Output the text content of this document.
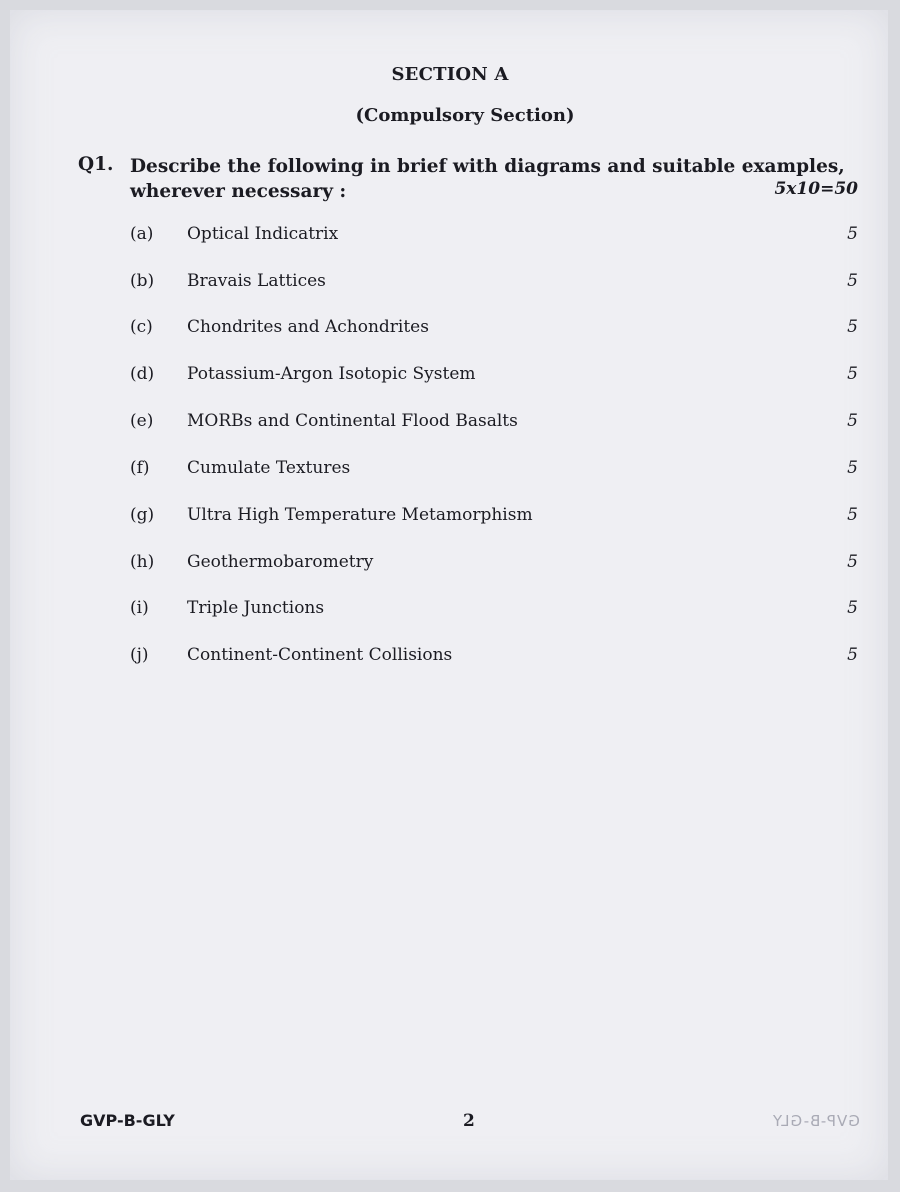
SECTION A
(Compulsory Section)
Q1. Describe the following in brief with diagrams and suitable examples, wherever necessary :	5x10=50
(a) Optical Indicatrix	5
(b) Bravais Lattices	5
(c) Chondrites and Achondrites	5
(d) Potassium-Argon Isotopic System	5
(e) MORBs and Continental Flood Basalts	5
(f) Cumulate Textures	5
(g) Ultra High Temperature Metamorphism	5
(h) Geothermobarometry	5
(i) Triple Junctions	5
(j) Continent-Continent Collisions	5
GVP-B-GLY	2	GVP-B-GLY
